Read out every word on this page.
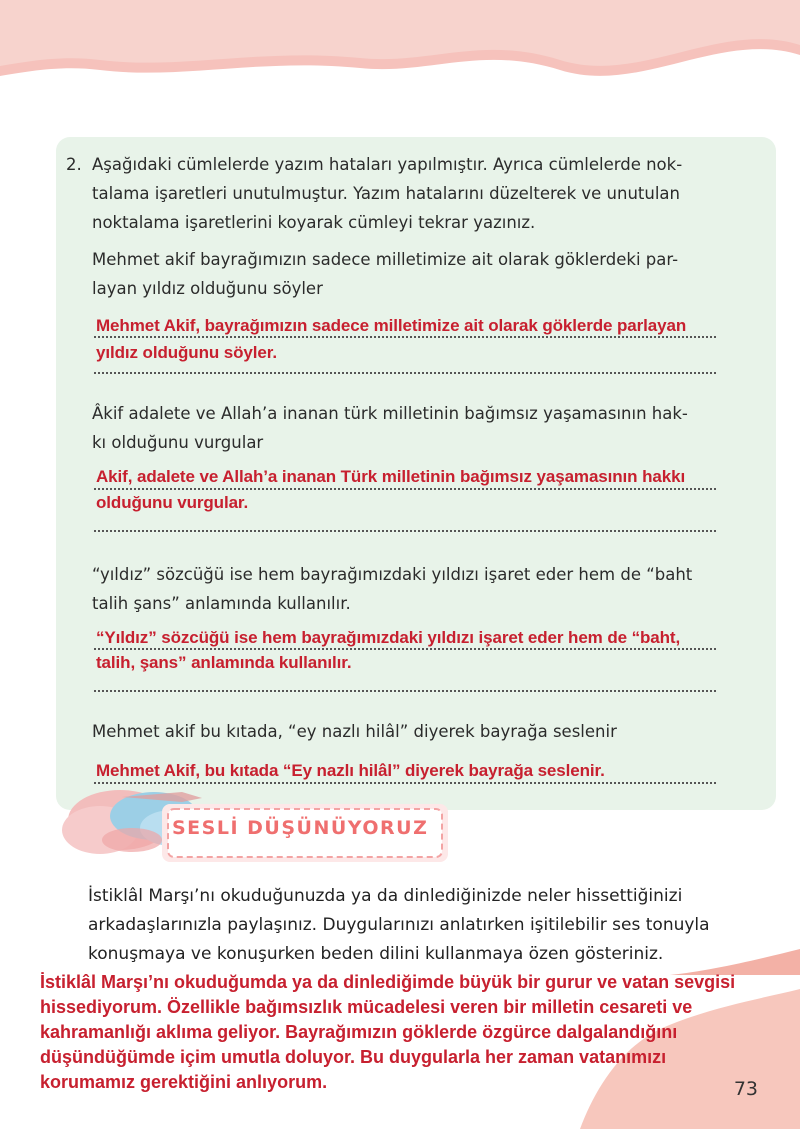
2. Aşağıdaki cümlelerde yazım hataları yapılmıştır. Ayrıca cümlelerde nok-
talama işaretleri unutulmuştur. Yazım hatalarını düzelterek ve unutulan
noktalama işaretlerini koyarak cümleyi tekrar yazınız.
Mehmet akif bayrağımızın sadece milletimize ait olarak göklerdeki par-
layan yıldız olduğunu söyler
Mehmet Akif, bayrağımızın sadece milletimize ait olarak göklerde parlayan
yıldız olduğunu söyler.
Âkif adalete ve Allah’a inanan türk milletinin bağımsız yaşamasının hak-
kı olduğunu vurgular
Akif, adalete ve Allah’a inanan Türk milletinin bağımsız yaşamasının hakkı
olduğunu vurgular.
“yıldız” sözcüğü ise hem bayrağımızdaki yıldızı işaret eder hem de “baht
talih şans” anlamında kullanılır.
“Yıldız” sözcüğü ise hem bayrağımızdaki yıldızı işaret eder hem de “baht,
talih, şans” anlamında kullanılır.
Mehmet akif bu kıtada, “ey nazlı hilâl” diyerek bayrağa seslenir
Mehmet Akif, bu kıtada “Ey nazlı hilâl” diyerek bayrağa seslenir.
SESLİ DÜŞÜNÜYORUZ
İstiklâl Marşı’nı okuduğunuzda ya da dinlediğinizde neler hissettiğinizi
arkadaşlarınızla paylaşınız. Duygularınızı anlatırken işitilebilir ses tonuyla
konuşmaya ve konuşurken beden dilini kullanmaya özen gösteriniz.
İstiklâl Marşı’nı okuduğumda ya da dinlediğimde büyük bir gurur ve vatan sevgisi
hissediyorum. Özellikle bağımsızlık mücadelesi veren bir milletin cesareti ve
kahramanlığı aklıma geliyor. Bayrağımızın göklerde özgürce dalgalandığını
düşündüğümde içim umutla doluyor. Bu duygularla her zaman vatanımızı
korumamız gerektiğini anlıyorum.	73
